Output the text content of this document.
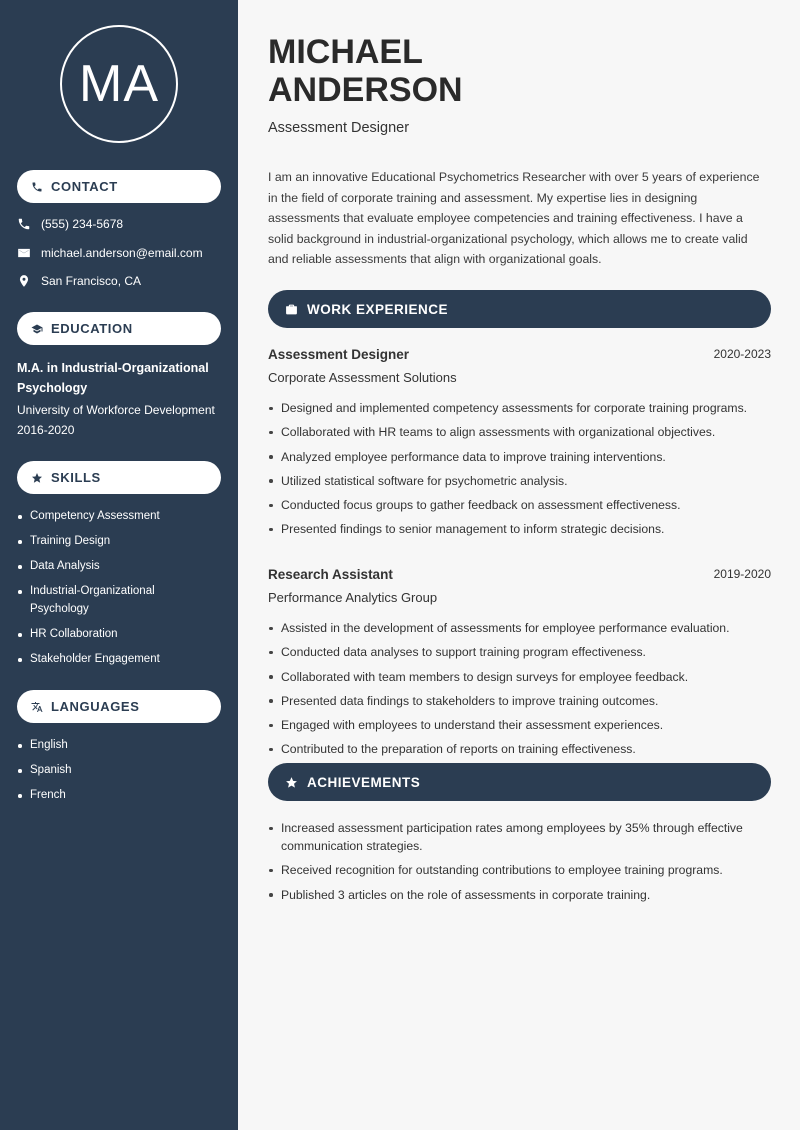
MA
CONTACT
(555) 234-5678
michael.anderson@email.com
San Francisco, CA
EDUCATION
M.A. in Industrial-Organizational Psychology
University of Workforce Development
2016-2020
SKILLS
Competency Assessment
Training Design
Data Analysis
Industrial-Organizational Psychology
HR Collaboration
Stakeholder Engagement
LANGUAGES
English
Spanish
French
MICHAEL
ANDERSON
Assessment Designer
I am an innovative Educational Psychometrics Researcher with over 5 years of experience in the field of corporate training and assessment. My expertise lies in designing assessments that evaluate employee competencies and training effectiveness. I have a solid background in industrial-organizational psychology, which allows me to create valid and reliable assessments that align with organizational goals.
WORK EXPERIENCE
Assessment Designer	2020-2023
Corporate Assessment Solutions
Designed and implemented competency assessments for corporate training programs.
Collaborated with HR teams to align assessments with organizational objectives.
Analyzed employee performance data to improve training interventions.
Utilized statistical software for psychometric analysis.
Conducted focus groups to gather feedback on assessment effectiveness.
Presented findings to senior management to inform strategic decisions.
Research Assistant	2019-2020
Performance Analytics Group
Assisted in the development of assessments for employee performance evaluation.
Conducted data analyses to support training program effectiveness.
Collaborated with team members to design surveys for employee feedback.
Presented data findings to stakeholders to improve training outcomes.
Engaged with employees to understand their assessment experiences.
Contributed to the preparation of reports on training effectiveness.
ACHIEVEMENTS
Increased assessment participation rates among employees by 35% through effective communication strategies.
Received recognition for outstanding contributions to employee training programs.
Published 3 articles on the role of assessments in corporate training.
